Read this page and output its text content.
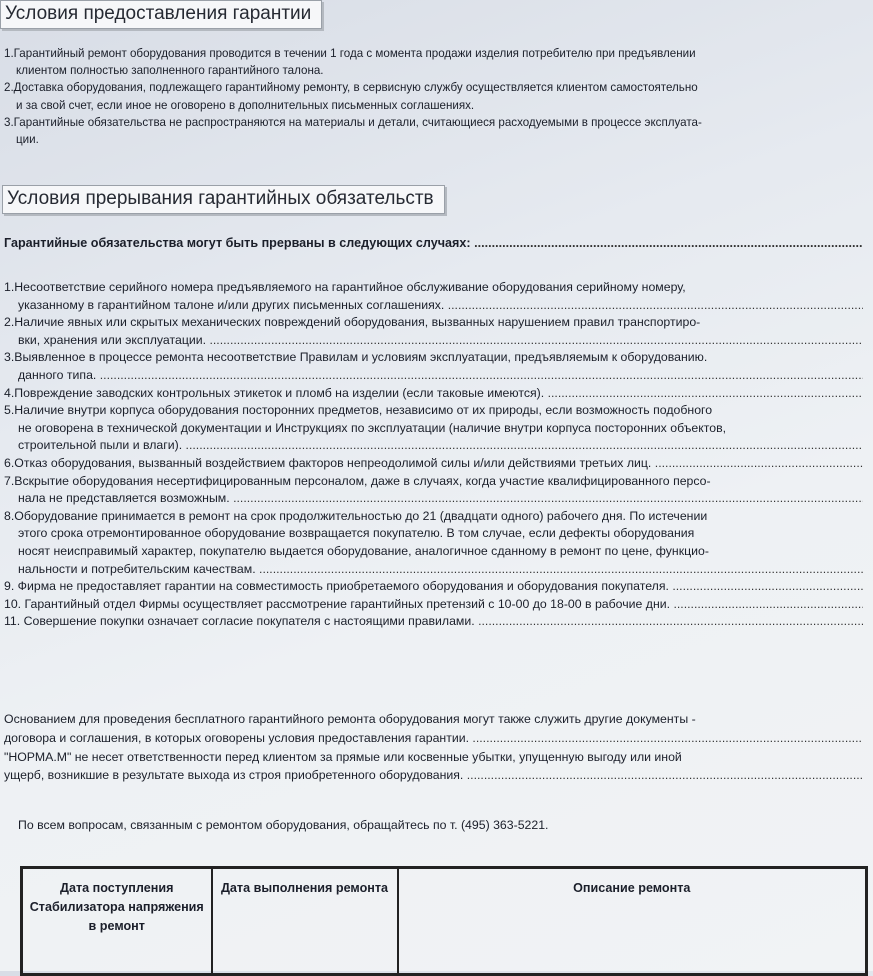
Условия предоставления гарантии
1.Гарантийный ремонт оборудования проводится в течении 1 года с момента продажи изделия потребителю при предъявлении
клиентом полностью заполненного гарантийного талона.
2.Доставка оборудования, подлежащего гарантийному ремонту, в сервисную службу осуществляется клиентом самостоятельно
и за свой счет, если иное не оговорено в дополнительных письменных соглашениях.
3.Гарантийные обязательства не распространяются на материалы и детали, считающиеся расходуемыми в процессе эксплуата-
ции.
Условия прерывания гарантийных обязательств
Гарантийные обязательства могут быть прерваны в следующих случаях: .....
1.Несоответствие серийного номера предъявляемого на гарантийное обслуживание оборудования серийному номеру,
указанному в гарантийном талоне и/или других письменных соглашениях. .....
2.Наличие явных или скрытых механических повреждений оборудования, вызванных нарушением правил транспортиро-
вки, хранения или эксплуатации. .....
3.Выявленное в процессе ремонта несоответствие Правилам и условиям эксплуатации, предъявляемым к оборудованию.
данного типа. .....
4.Повреждение заводских контрольных этикеток и пломб на изделии (если таковые имеются). .....
5.Наличие внутри корпуса оборудования посторонних предметов, независимо от их природы, если возможность подобного
не оговорена в технической документации и Инструкциях по эксплуатации (наличие внутри корпуса посторонних объектов,
строительной пыли и влаги). .....
6.Отказ оборудования, вызванный воздействием факторов непреодолимой силы и/или действиями третьих лиц. .....
7.Вскрытие оборудования несертифицированным персоналом, даже в случаях, когда участие квалифицированного персо-
нала не представляется возможным. .....
8.Оборудование принимается в ремонт на срок продолжительностью до 21 (двадцати одного) рабочего дня. По истечении
этого срока отремонтированное оборудование возвращается покупателю. В том случае, если дефекты оборудования
носят неисправимый характер, покупателю выдается оборудование, аналогичное сданному в ремонт по цене, функцио-
нальности и потребительским качествам. .....
9. Фирма не предоставляет гарантии на совместимость приобретаемого оборудования и оборудования покупателя. .....
10. Гарантийный отдел Фирмы осуществляет рассмотрение гарантийных претензий с 10-00 до 18-00 в рабочие дни. .....
11. Совершение покупки означает согласие покупателя с настоящими правилами. .....
Основанием для проведения бесплатного гарантийного ремонта оборудования могут также служить другие документы -
договора и соглашения, в которых оговорены условия предоставления гарантии. .....
"НОРМА.М" не несет ответственности перед клиентом за прямые или косвенные убытки, упущенную выгоду или иной
ущерб, возникшие в результате выхода из строя приобретенного оборудования. .....
По всем вопросам, связанным с ремонтом оборудования, обращайтесь по т. (495) 363-5221.
Дата поступления Стабилизатора напряжения в ремонт	Дата выполнения ремонта	Описание ремонта
